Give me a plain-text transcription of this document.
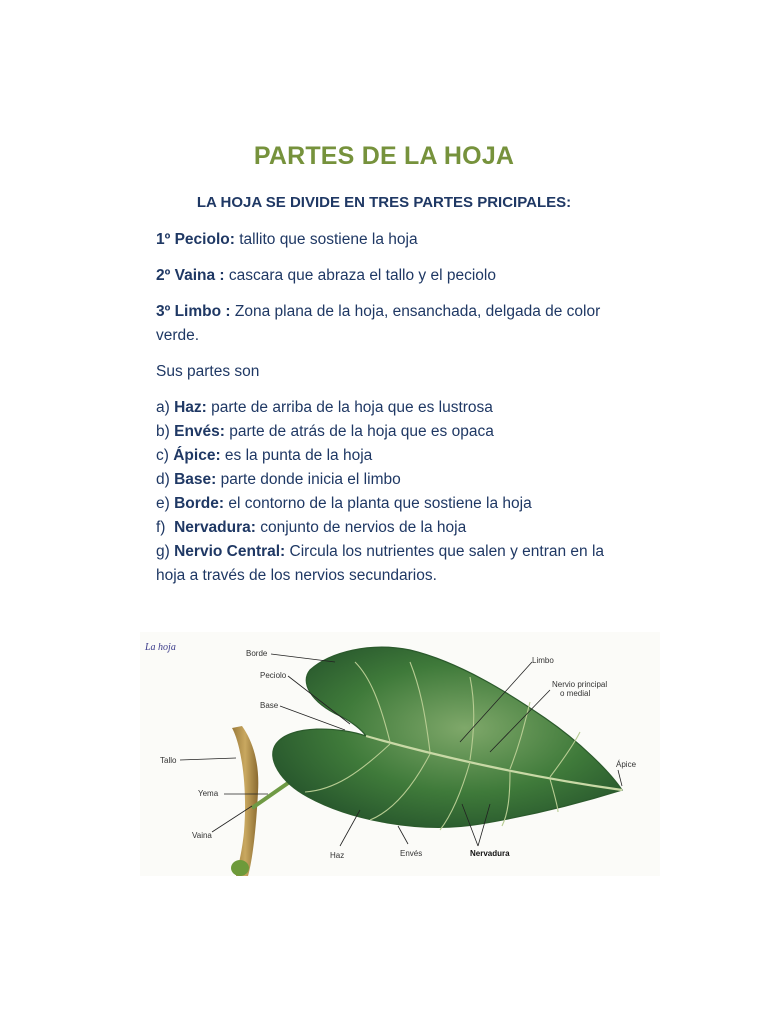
PARTES DE LA HOJA
LA HOJA SE DIVIDE EN TRES PARTES PRICIPALES:
1º Peciolo: tallito que sostiene la hoja
2º Vaina : cascara que abraza el tallo y el peciolo
3º Limbo : Zona plana de la hoja, ensanchada, delgada de color verde.
Sus partes son
a) Haz: parte de arriba de la hoja que es lustrosa
b) Envés: parte de atrás de la hoja que es opaca
c) Ápice: es la punta de la hoja
d) Base: parte donde inicia el limbo
e) Borde: el contorno de la planta que sostiene la hoja
f) Nervadura: conjunto de nervios de la hoja
g) Nervio Central: Circula los nutrientes que salen y entran en la hoja a través de los nervios secundarios.
La hoja
Borde
Peciolo
Base
Tallo
Yema
Vaina
Limbo
Nervio principal
o medial
Ápice
Haz	Envés	Nervadura
